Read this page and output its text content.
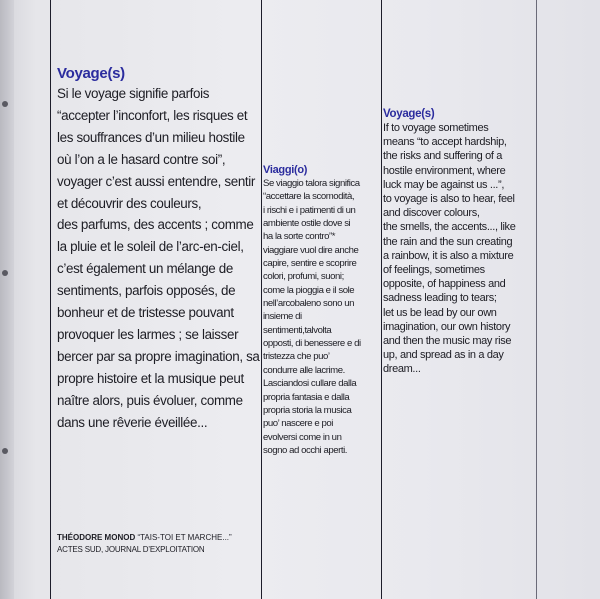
Voyage(s)

Si le voyage signifie parfois
“accepter l’inconfort, les risques et
les souffrances d’un milieu hostile
où l’on a le hasard contre soi”,
voyager c’est aussi entendre, sentir
et découvrir des couleurs,
des parfums, des accents ; comme
la pluie et le soleil de l’arc-en-ciel,
c’est également un mélange de
sentiments, parfois opposés, de
bonheur et de tristesse pouvant
provoquer les larmes ; se laisser
bercer par sa propre imagination, sa
propre histoire et la musique peut
naître alors, puis évoluer, comme
dans une rêverie éveillée...

Viaggi(o)

Se viaggio talora significa
“accettare la scomodità,
i rischi e i patimenti di un
ambiente ostile dove si
ha la sorte contro”*
viaggiare vuol dire anche
capire, sentire e scoprire
colori, profumi, suoni;
come la pioggia e il sole
nell’arcobaleno sono un
insieme di
sentimenti,talvolta
opposti, di benessere e di
tristezza che puo’
condurre alle lacrime.
Lasciandosi cullare dalla
propria fantasia e dalla
propria storia la musica
puo’ nascere e poi
evolversi come in un
sogno ad occhi aperti.

Voyage(s)

If to voyage sometimes
means “to accept hardship,
the risks and suffering of a
hostile environment, where
luck may be against us ...”,
to voyage is also to hear, feel
and discover colours,
the smells, the accents..., like
the rain and the sun creating
a rainbow, it is also a mixture
of feelings, sometimes
opposite, of happiness and
sadness leading to tears;
let us be lead by our own
imagination, our own history
and then the music may rise
up, and spread as in a day
dream...

THÉODORE MONOD “TAIS-TOI ET MARCHE...”
ACTES SUD, JOURNAL D’EXPLOITATION
